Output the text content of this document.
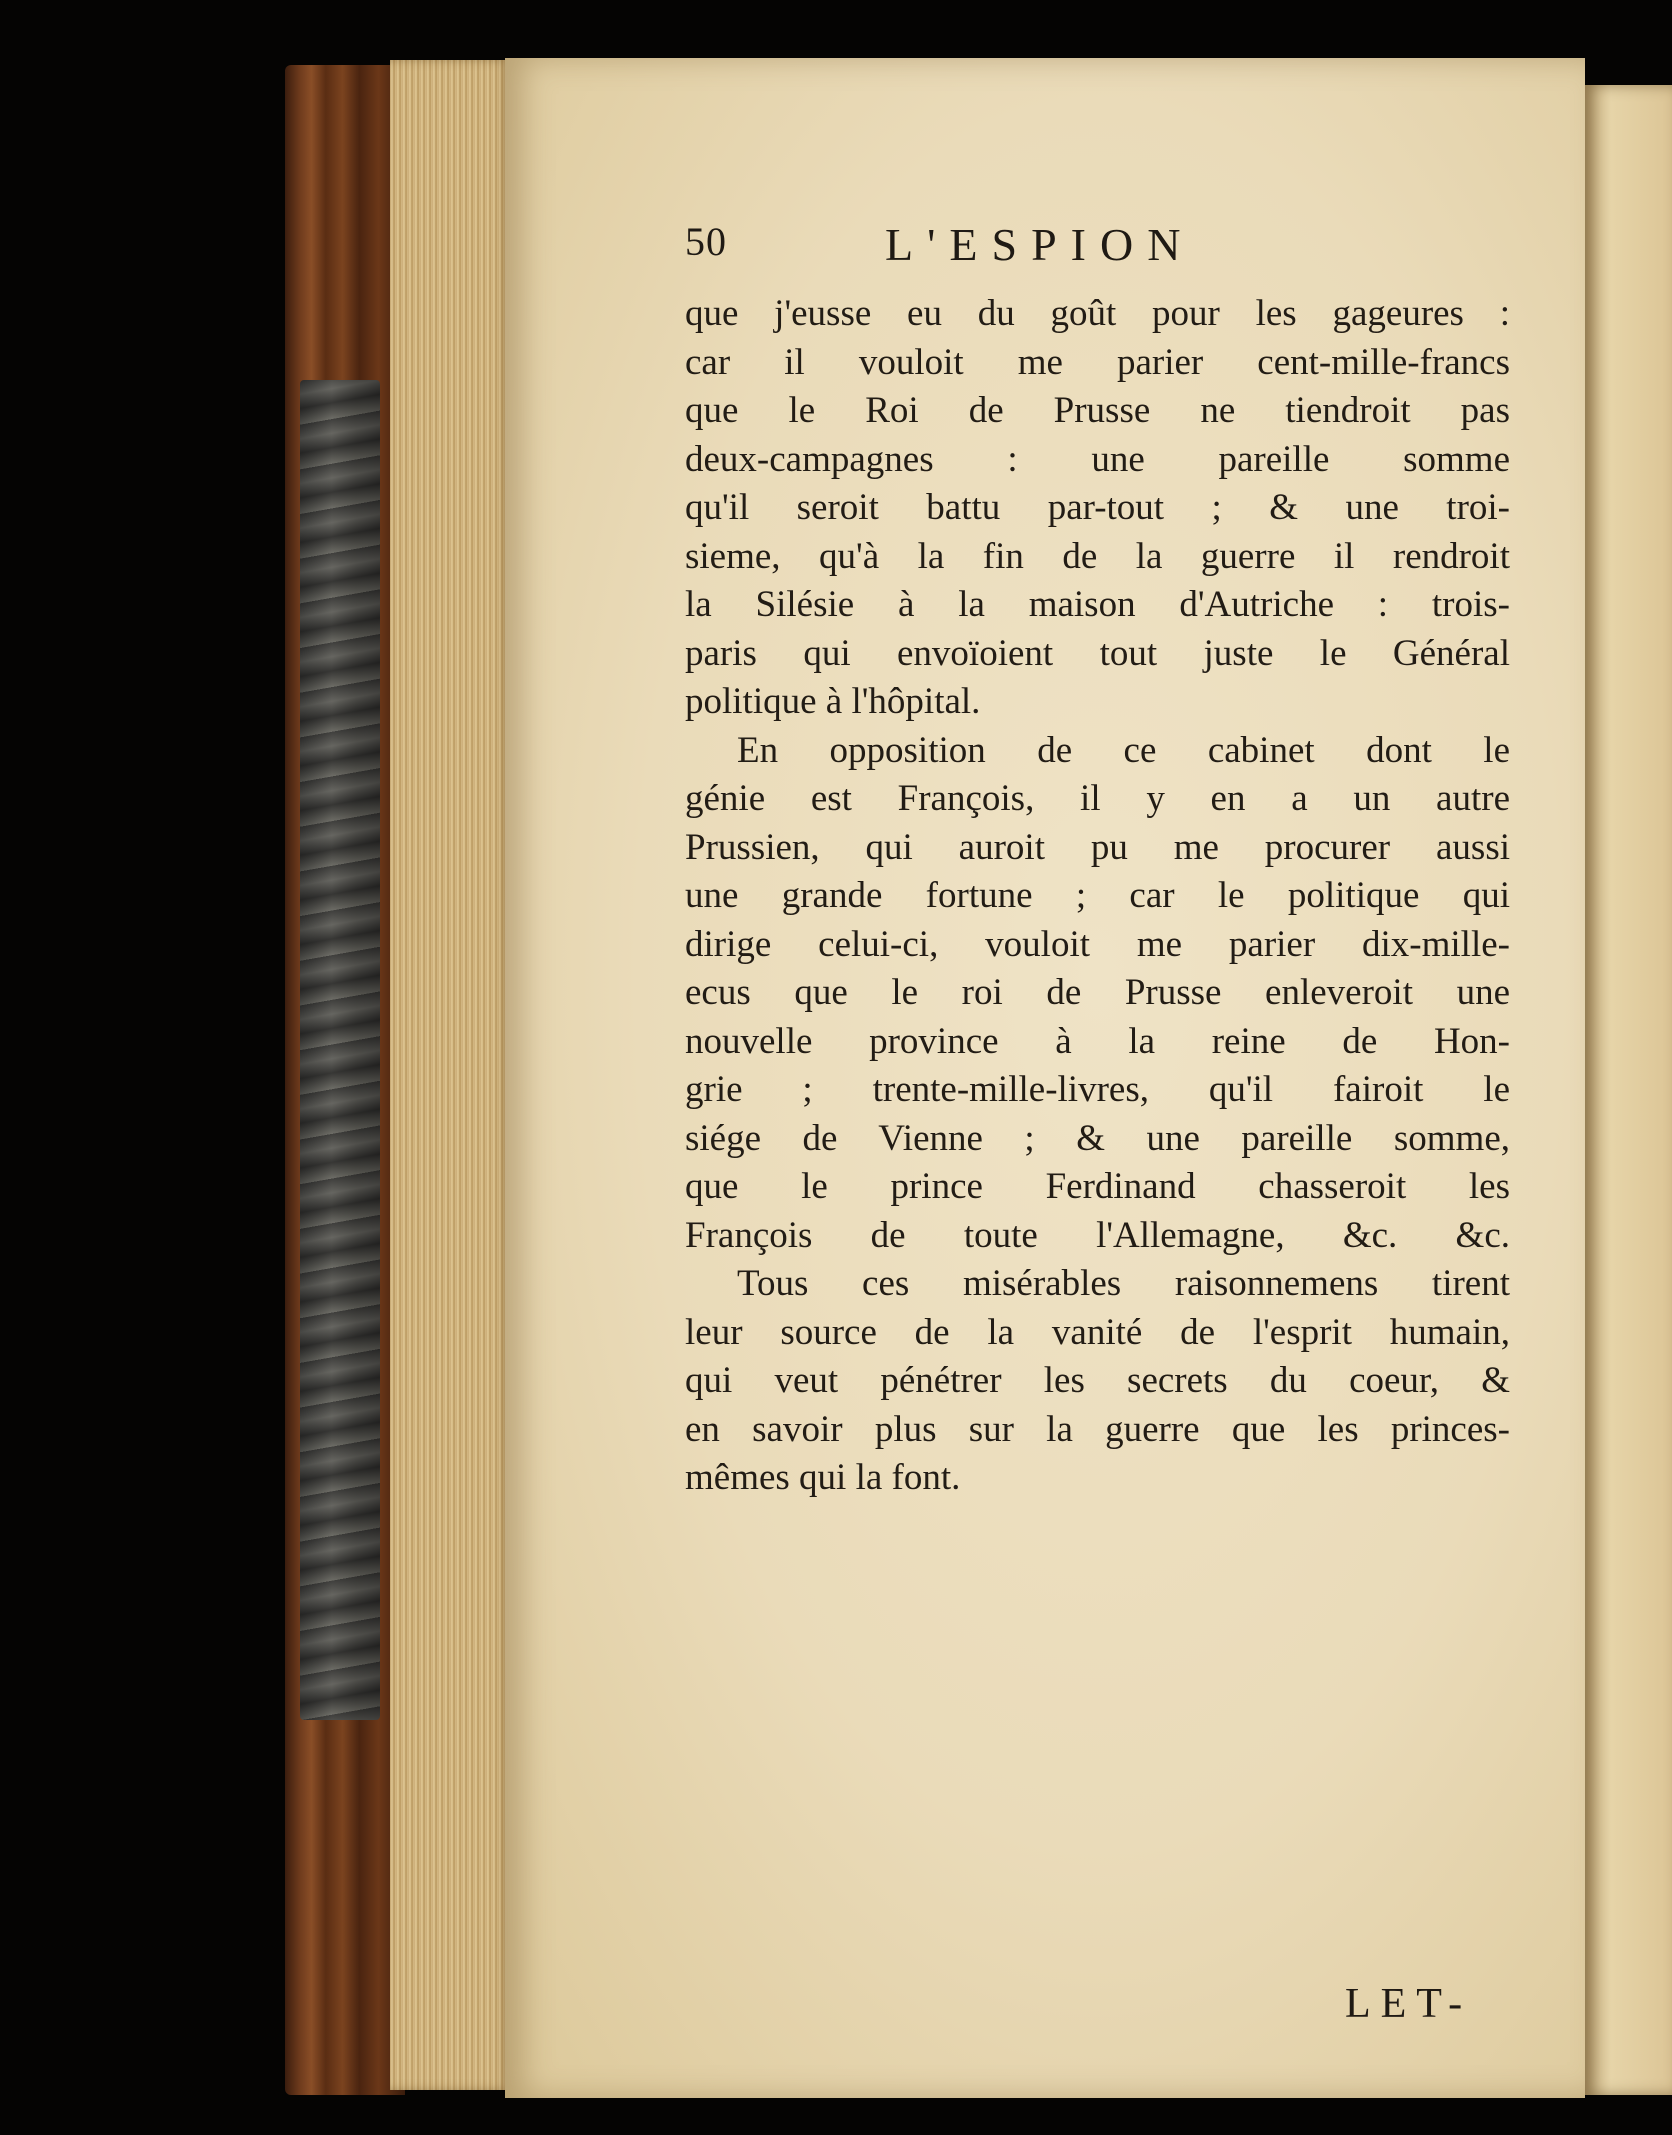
50	L'ESPION
que j'eusse eu du goût pour les gageures :
car il vouloit me parier cent-mille-francs
que le Roi de Prusse ne tiendroit pas
deux-campagnes : une pareille somme
qu'il seroit battu par-tout ; & une troi-
sieme, qu'à la fin de la guerre il rendroit
la Silésie à la maison d'Autriche : trois-
paris qui envoïoient tout juste le Général
politique à l'hôpital.
En opposition de ce cabinet dont le
génie est François, il y en a un autre
Prussien, qui auroit pu me procurer aussi
une grande fortune ; car le politique qui
dirige celui-ci, vouloit me parier dix-mille-
ecus que le roi de Prusse enleveroit une
nouvelle province à la reine de Hon-
grie ; trente-mille-livres, qu'il fairoit le
siége de Vienne ; & une pareille somme,
que le prince Ferdinand chasseroit les
François de toute l'Allemagne, &c. &c.
Tous ces misérables raisonnemens tirent
leur source de la vanité de l'esprit humain,
qui veut pénétrer les secrets du coeur, &
en savoir plus sur la guerre que les princes-
mêmes qui la font.
LET-
